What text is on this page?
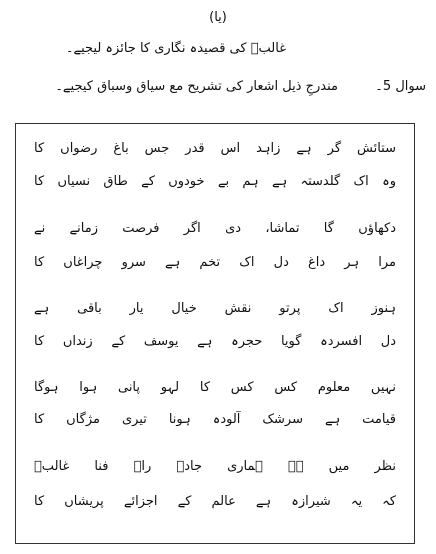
(یا)
غالبؔ کی قصیدہ نگاری کا جائزہ لیجیے۔
سوال 5۔
مندرجِ ذیل اشعار کی تشریح مع سیاق وسباق کیجیے۔
ستائش گر ہے زاہد اس قدر جس باغ رضواں کا
وہ اک گلدستہ ہے ہم بے خودوں کے طاق نسیاں کا
دکھاؤں گا تماشا، دی اگر فرصت زمانے نے
مرا ہر داغ دل اک تخم ہے سرو چراغاں کا
ہنوز اک پرتو نقش خیال یار باقی ہے
دل افسردہ گویا حجرہ ہے یوسف کے زنداں کا
نہیں معلوم کس کس کا لہو پانی ہوا ہوگا
قیامت ہے سرشک آلودہ ہونا تیری مژگاں کا
نظر میں ہے ہماری جادۂ راہ فنا غالبؔ
کہ یہ شیرازہ ہے عالم کے اجزائے پریشاں کا
